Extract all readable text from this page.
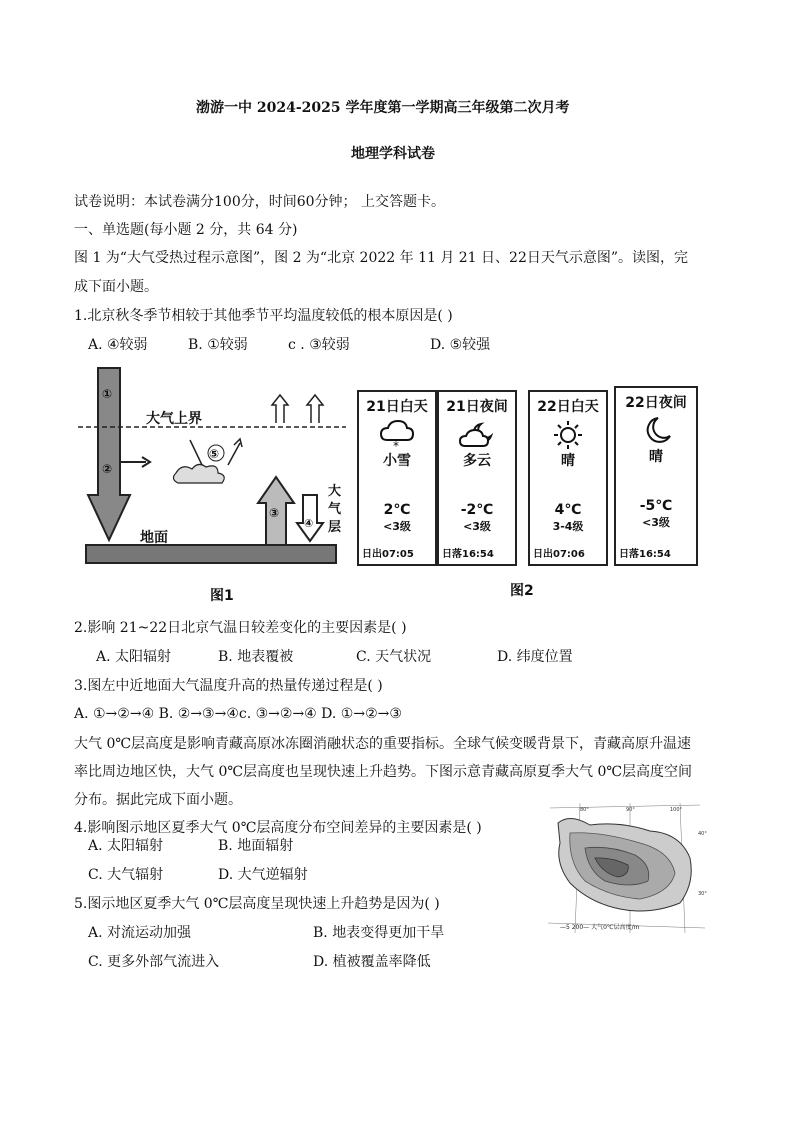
渤游一中 2024-2025 学年度第一学期高三年级第二次月考
地理学科试卷
试卷说明：本试卷满分100分，时间60分钟； 上交答题卡。
一、单选题(每小题 2 分，共 64 分)
图 1 为“大气受热过程示意图”，图 2 为“北京 2022 年 11 月 21 日、22日天气示意图”。读图，完
成下面小题。
1.北京秋冬季节相较于其他季节平均温度较低的根本原因是( )
A. ④较弱	B. ①较弱	c . ③较弱	D. ⑤较强
①
②
大气上界
⑤
地面
③
④
大
气
层
图1
21日白天
*
小雪
2℃
<3级
日出07:05
21日夜间
多云
-2℃
<3级
日落16:54
22日白天
晴
4℃
3-4级
日出07:06
22日夜间
晴
-5℃
<3级
日落16:54
图2
2.影响 21~22日北京气温日较差变化的主要因素是( )
A. 太阳辐射	B. 地表覆被	C. 天气状况	D. 纬度位置
3.图左中近地面大气温度升高的热量传递过程是( )
A. ①→②→④ B. ②→③→④c. ③→②→④ D. ①→②→③
大气 0℃层高度是影响青藏高原冰冻圈消融状态的重要指标。全球气候变暖背景下，青藏高原升温速
率比周边地区快，大气 0℃层高度也呈现快速上升趋势。下图示意青藏高原夏季大气 0℃层高度空间
分布。据此完成下面小题。
4.影响图示地区夏季大气 0℃层高度分布空间差异的主要因素是( )
A. 太阳辐射	B. 地面辐射
C. 大气辐射	D. 大气逆辐射
5.图示地区夏季大气 0℃层高度呈现快速上升趋势是因为( )
A. 对流运动加强	B. 地表变得更加干旱
C. 更多外部气流进入	D. 植被覆盖率降低
80°	90°	100°
40°
30°
—5 200— 大气0℃层高度/m
